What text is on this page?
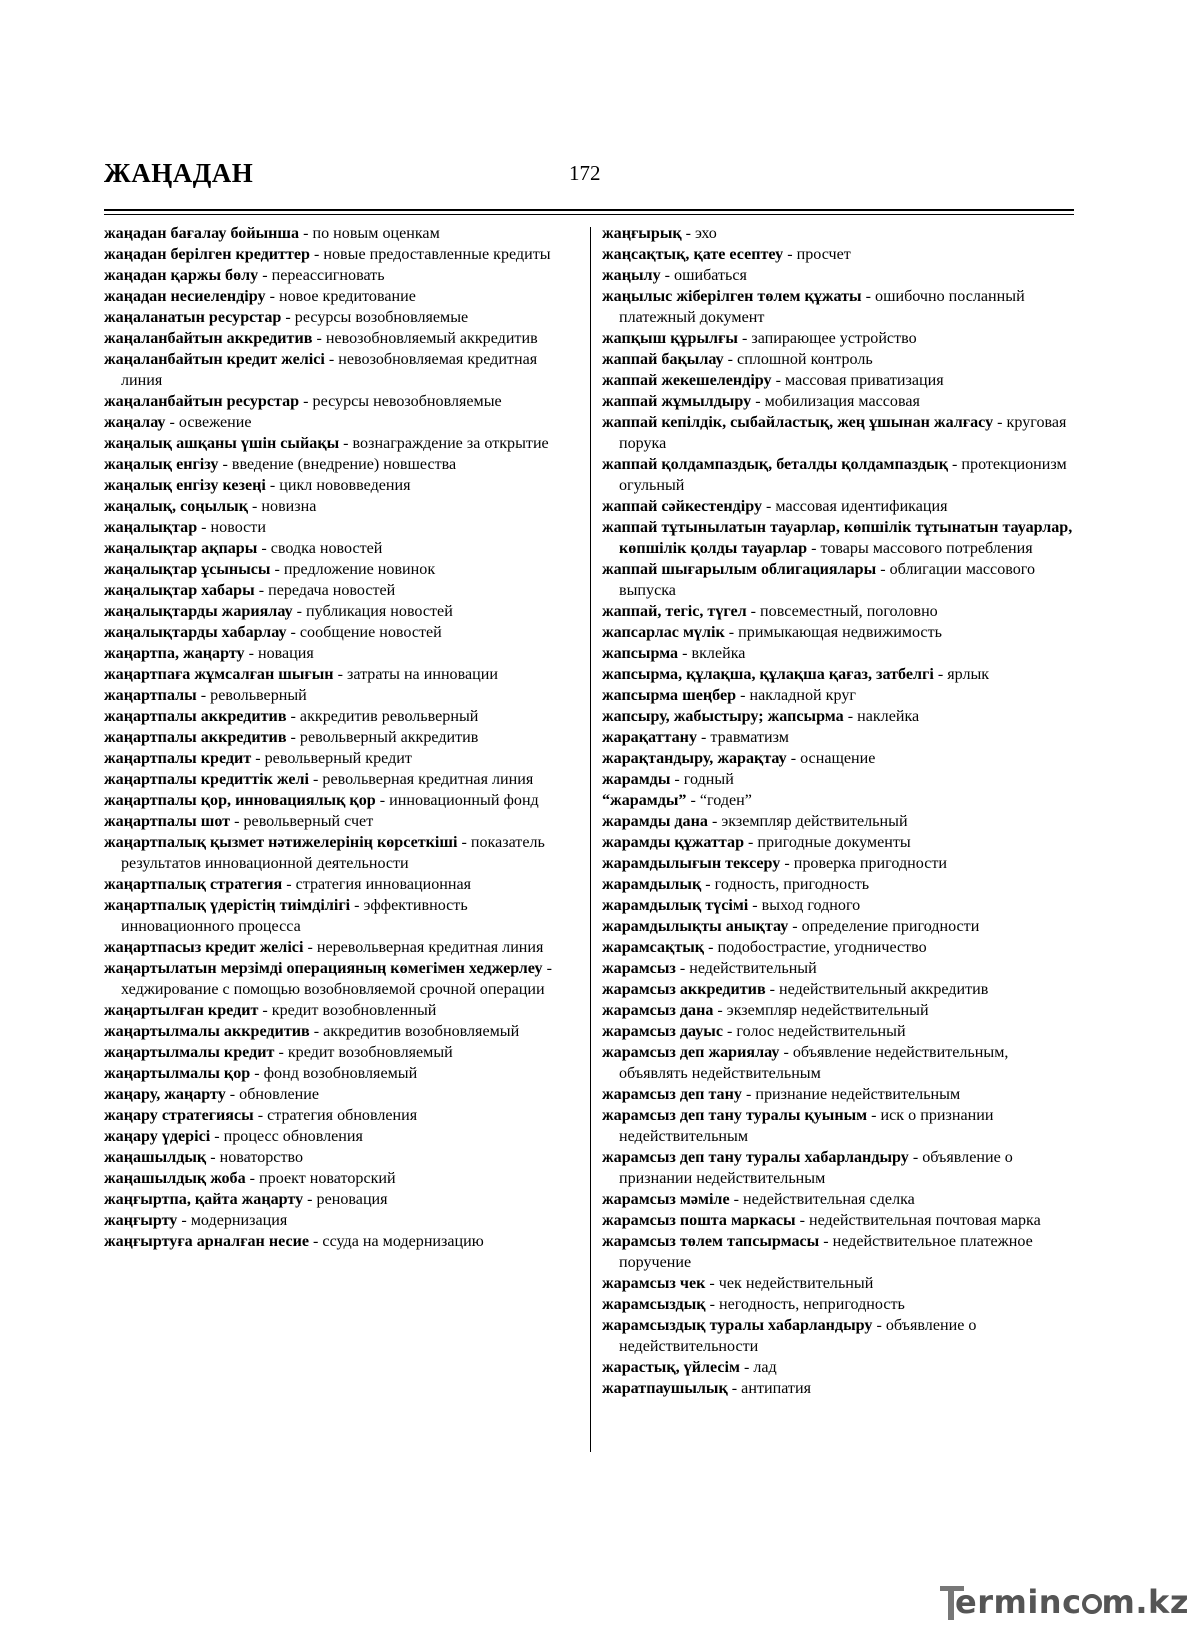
ЖАҢАДАН	172

жаңадан бағалау бойынша - по новым оценкам

жаңадан берілген кредиттер - новые предоставленные кредиты

жаңадан қаржы бөлу - переассигновать

жаңадан несиелендіру - новое кредитование

жаңаланатын ресурстар - ресурсы возобновляемые

жаңаланбайтын аккредитив - невозобновляемый аккредитив

жаңаланбайтын кредит желісі - невозобновляемая кредитная линия

жаңаланбайтын ресурстар - ресурсы невозобновляемые

жаңалау - освежение

жаңалық ашқаны үшін сыйақы - вознаграждение за открытие

жаңалық енгізу - введение (внедрение) новшества

жаңалық енгізу кезеңі - цикл нововведения

жаңалық, соңылық - новизна

жаңалықтар - новости

жаңалықтар ақпары - сводка новостей

жаңалықтар ұсынысы - предложение новинок

жаңалықтар хабары - передача новостей

жаңалықтарды жариялау - публикация новостей

жаңалықтарды хабарлау - сообщение новостей

жаңартпа, жаңарту - новация

жаңартпаға жұмсалған шығын - затраты на инновации

жаңартпалы - револьверный

жаңартпалы аккредитив - аккредитив револьверный

жаңартпалы аккредитив - револьверный аккредитив

жаңартпалы кредит - револьверный кредит

жаңартпалы кредиттік желі - револьверная кредитная линия

жаңартпалы қор, инновациялық қор - инновационный фонд

жаңартпалы шот - револьверный счет

жаңартпалық қызмет нәтижелерінің көрсеткіші - показатель результатов инновационной деятельности

жаңартпалық стратегия - стратегия инновационная

жаңартпалық үдерістің тиімділігі - эффективность инновационного процесса

жаңартпасыз кредит желісі - неревольверная кредитная линия

жаңартылатын мерзімді операцияның көмегімен хеджерлеу - хеджирование с помощью возобновляемой срочной операции

жаңартылған кредит - кредит возобновленный

жаңартылмалы аккредитив - аккредитив возобновляемый

жаңартылмалы кредит - кредит возобновляемый

жаңартылмалы қор - фонд возобновляемый

жаңару, жаңарту - обновление

жаңару стратегиясы - стратегия обновления

жаңару үдерісі - процесс обновления

жаңашылдық - новаторство

жаңашылдық жоба - проект новаторский

жаңғыртпа, қайта жаңарту - реновация

жаңғырту - модернизация

жаңғыртуға арналған несие - ссуда на модернизацию

жаңғырық - эхо

жаңсақтық, қате есептеу - просчет

жаңылу - ошибаться

жаңылыс жіберілген төлем құжаты - ошибочно посланный платежный документ

жапқыш құрылғы - запирающее устройство

жаппай бақылау - сплошной контроль

жаппай жекешелендіру - массовая приватизация

жаппай жұмылдыру - мобилизация массовая

жаппай кепілдік, сыбайластық, жең ұшынан жалғасу - круговая порука

жаппай қолдампаздық, беталды қолдампаздық - протекционизм огульный

жаппай сәйкестендіру - массовая идентификация

жаппай тұтынылатын тауарлар, көпшілік тұтынатын тауарлар, көпшілік қолды тауарлар - товары массового потребления

жаппай шығарылым облигациялары - облигации массового выпуска

жаппай, тегіс, түгел - повсеместный, поголовно

жапсарлас мүлік - примыкающая недвижимость

жапсырма - вклейка

жапсырма, құлақша, құлақша қағаз, затбелгі - ярлык

жапсырма шеңбер - накладной круг

жапсыру, жабыстыру; жапсырма - наклейка

жарақаттану - травматизм

жарақтандыру, жарақтау - оснащение

жарамды - годный

“жарамды” - “годен”

жарамды дана - экземпляр действительный

жарамды құжаттар - пригодные документы

жарамдылығын тексеру - проверка пригодности

жарамдылық - годность, пригодность

жарамдылық түсімі - выход годного

жарамдылықты анықтау - определение пригодности

жарамсақтық - подобострастие, угодничество

жарамсыз - недействительный

жарамсыз аккредитив - недействительный аккредитив

жарамсыз дана - экземпляр недействительный

жарамсыз дауыс - голос недействительный

жарамсыз деп жариялау - объявление недействительным, объявлять недействительным

жарамсыз деп тану - признание недействительным

жарамсыз деп тану туралы қуыным - иск о признании недействительным

жарамсыз деп тану туралы хабарландыру - объявление о признании недействительным

жарамсыз мәміле - недействительная сделка

жарамсыз пошта маркасы - недействительная почтовая марка

жарамсыз төлем тапсырмасы - недействительное платежное поручение

жарамсыз чек - чек недействительный

жарамсыздық - негодность, непригодность

жарамсыздық туралы хабарландыру - объявление о недействительности

жарастық, үйлесім - лад

жаратпаушылық - антипатия

erminc m.kz
